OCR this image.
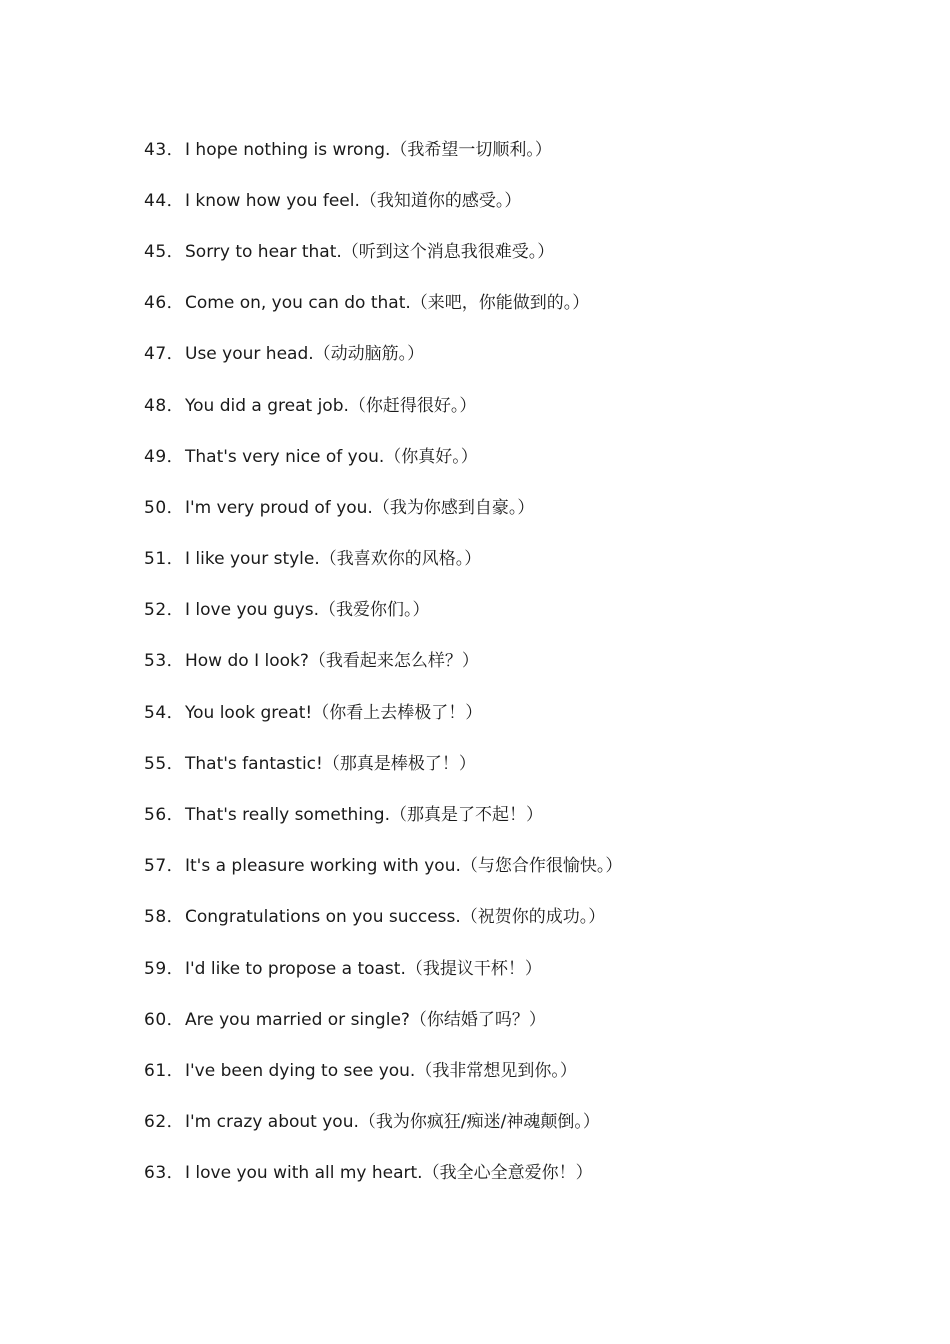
43． I hope nothing is wrong.（我希望一切顺利。）
44． I know how you feel.（我知道你的感受。）
45． Sorry to hear that.（听到这个消息我很难受。）
46． Come on, you can do that.（来吧，你能做到的。）
47． Use your head.（动动脑筋。）
48． You did a great job.（你赶得很好。）
49． That's very nice of you.（你真好。）
50． I'm very proud of you.（我为你感到自豪。）
51． I like your style.（我喜欢你的风格。）
52． I love you guys.（我爱你们。）
53． How do I look?（我看起来怎么样？）
54． You look great!（你看上去棒极了！）
55． That's fantastic!（那真是棒极了！）
56． That's really something.（那真是了不起！）
57． It's a pleasure working with you.（与您合作很愉快。）
58． Congratulations on you success.（祝贺你的成功。）
59． I'd like to propose a toast.（我提议干杯！）
60． Are you married or single?（你结婚了吗？）
61． I've been dying to see you.（我非常想见到你。）
62． I'm crazy about you.（我为你疯狂/痴迷/神魂颠倒。）
63． I love you with all my heart.（我全心全意爱你！）
